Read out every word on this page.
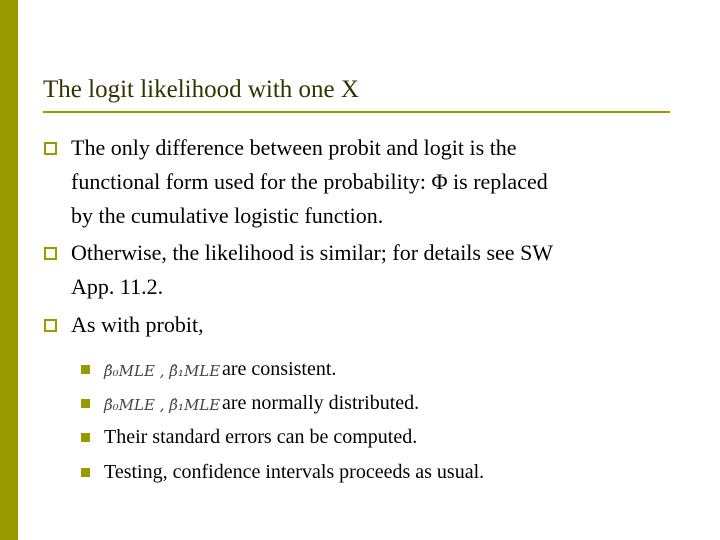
The logit likelihood with one X
The only difference between probit and logit is the
functional form used for the probability: Φ is replaced
by the cumulative logistic function.
Otherwise, the likelihood is similar; for details see SW
App. 11.2.
As with probit,
β̂₀MLE , β̂₁MLE are consistent.
β̂₀MLE , β̂₁MLE are normally distributed.
Their standard errors can be computed.
Testing, confidence intervals proceeds as usual.
